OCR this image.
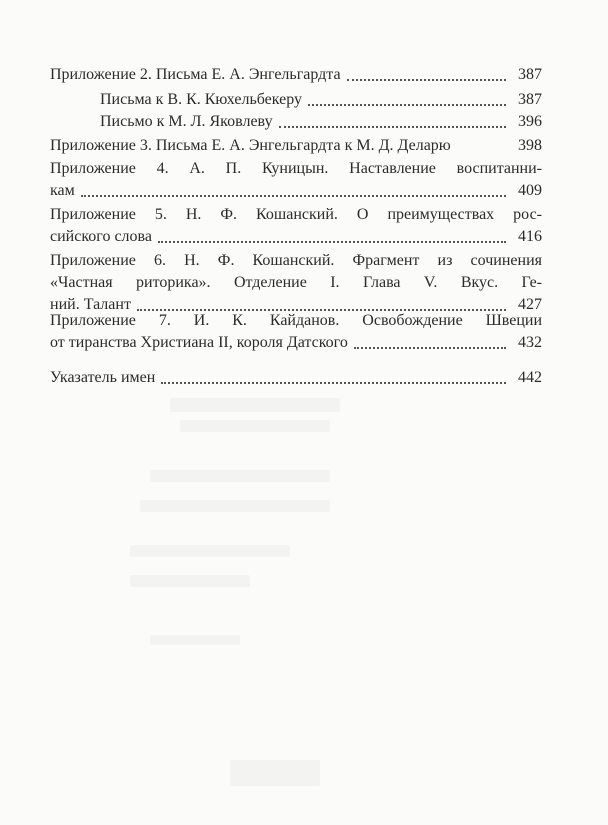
Приложение 2. Письма Е. А. Энгельгардта	387
Письма к В. К. Кюхельбекеру	387
Письмо к М. Л. Яковлеву	396
Приложение 3. Письма Е. А. Энгельгардта к М. Д. Деларю	398
Приложение 4. А. П. Куницын. Наставление воспитанни-
кам	409
Приложение 5. Н. Ф. Кошанский. О преимуществах рос-
сийского слова	416
Приложение 6. Н. Ф. Кошанский. Фрагмент из сочинения
«Частная риторика». Отделение I. Глава V. Вкус. Ге-
ний. Талант	427
Приложение 7. И. К. Кайданов. Освобождение Швеции
от тиранства Христиана II, короля Датского	432
Указатель имен	442
